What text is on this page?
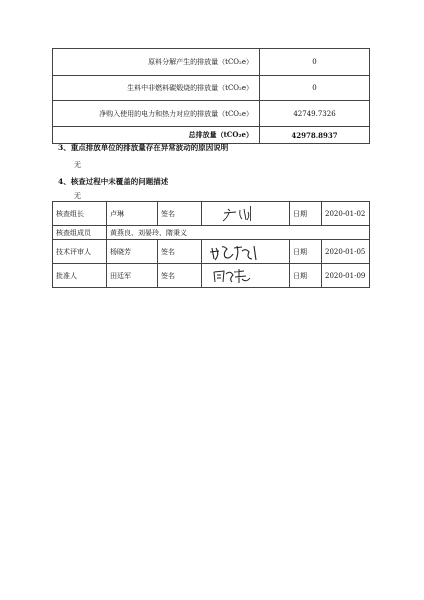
原料分解产生的排放量（tCO₂e）	0
生料中非燃料碳煅烧的排放量（tCO₂e）	0
净购入使用的电力和热力对应的排放量（tCO₂e）	42749.7326
总排放量（tCO₂e）	42978.8937
3、重点排放单位的排放量存在异常波动的原因说明
无
4、核查过程中未覆盖的问题描述
无
核查组长	卢琳	签名		日期	2020-01-02
核查组成员	黄燕良、刘晏玲、隋秉义				
技术评审人	杨晓芳	签名		日期	2020-01-05
批准人	田廷军	签名		日期	2020-01-09
